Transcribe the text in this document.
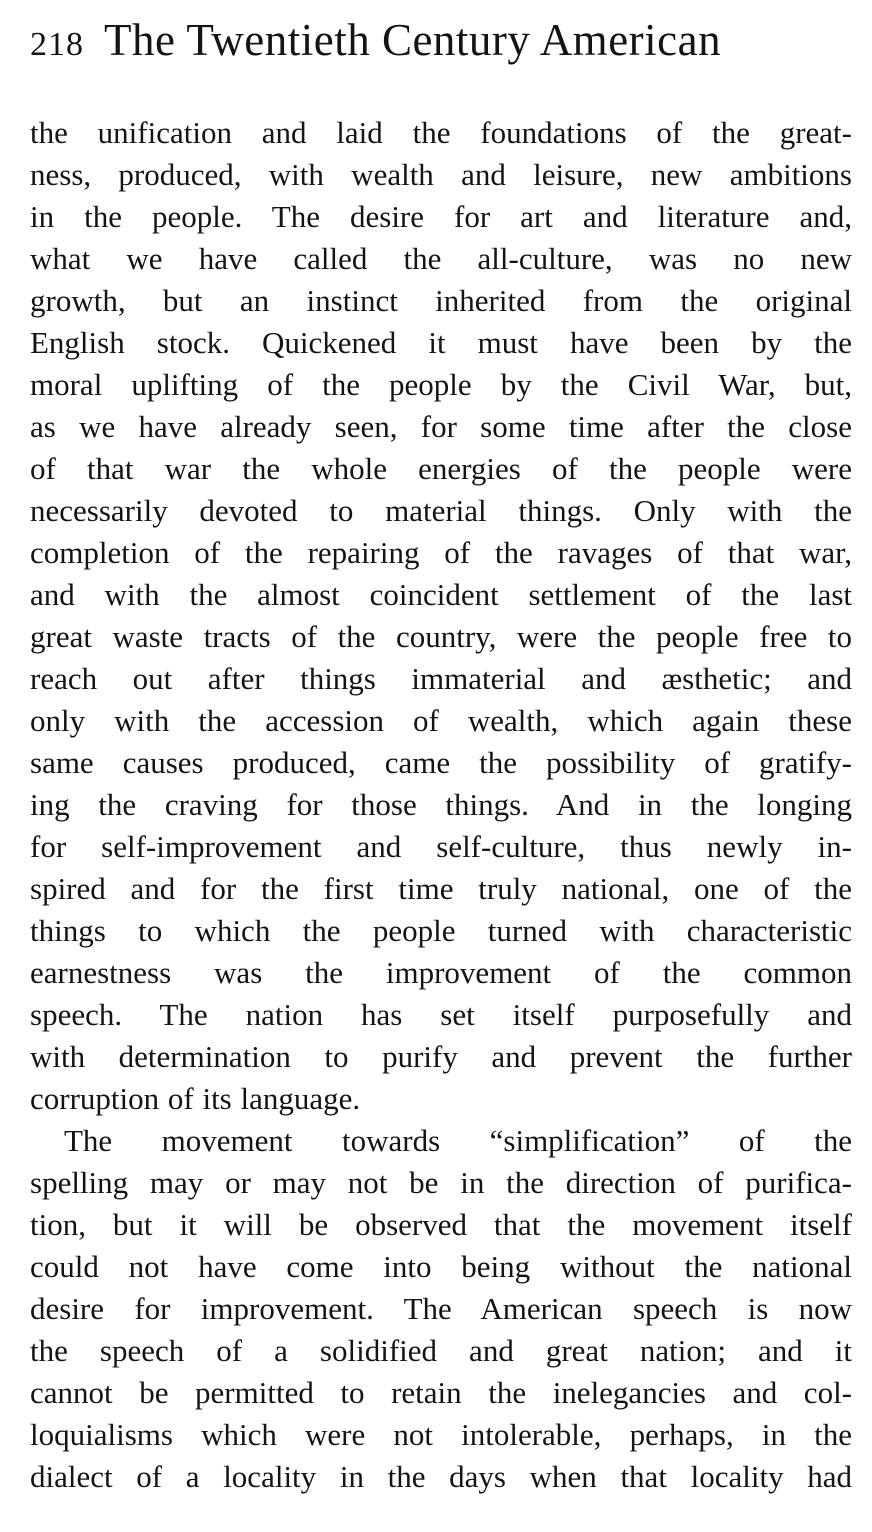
218 The Twentieth Century American
the unification and laid the foundations of the great-
ness, produced, with wealth and leisure, new ambitions
in the people. The desire for art and literature and,
what we have called the all-culture, was no new
growth, but an instinct inherited from the original
English stock. Quickened it must have been by the
moral uplifting of the people by the Civil War, but,
as we have already seen, for some time after the close
of that war the whole energies of the people were
necessarily devoted to material things. Only with the
completion of the repairing of the ravages of that war,
and with the almost coincident settlement of the last
great waste tracts of the country, were the people free to
reach out after things immaterial and æsthetic; and
only with the accession of wealth, which again these
same causes produced, came the possibility of gratify-
ing the craving for those things. And in the longing
for self-improvement and self-culture, thus newly in-
spired and for the first time truly national, one of the
things to which the people turned with characteristic
earnestness was the improvement of the common
speech. The nation has set itself purposefully and
with determination to purify and prevent the further
corruption of its language.
The movement towards “simplification” of the
spelling may or may not be in the direction of purifica-
tion, but it will be observed that the movement itself
could not have come into being without the national
desire for improvement. The American speech is now
the speech of a solidified and great nation; and it
cannot be permitted to retain the inelegancies and col-
loquialisms which were not intolerable, perhaps, in the
dialect of a locality in the days when that locality had
